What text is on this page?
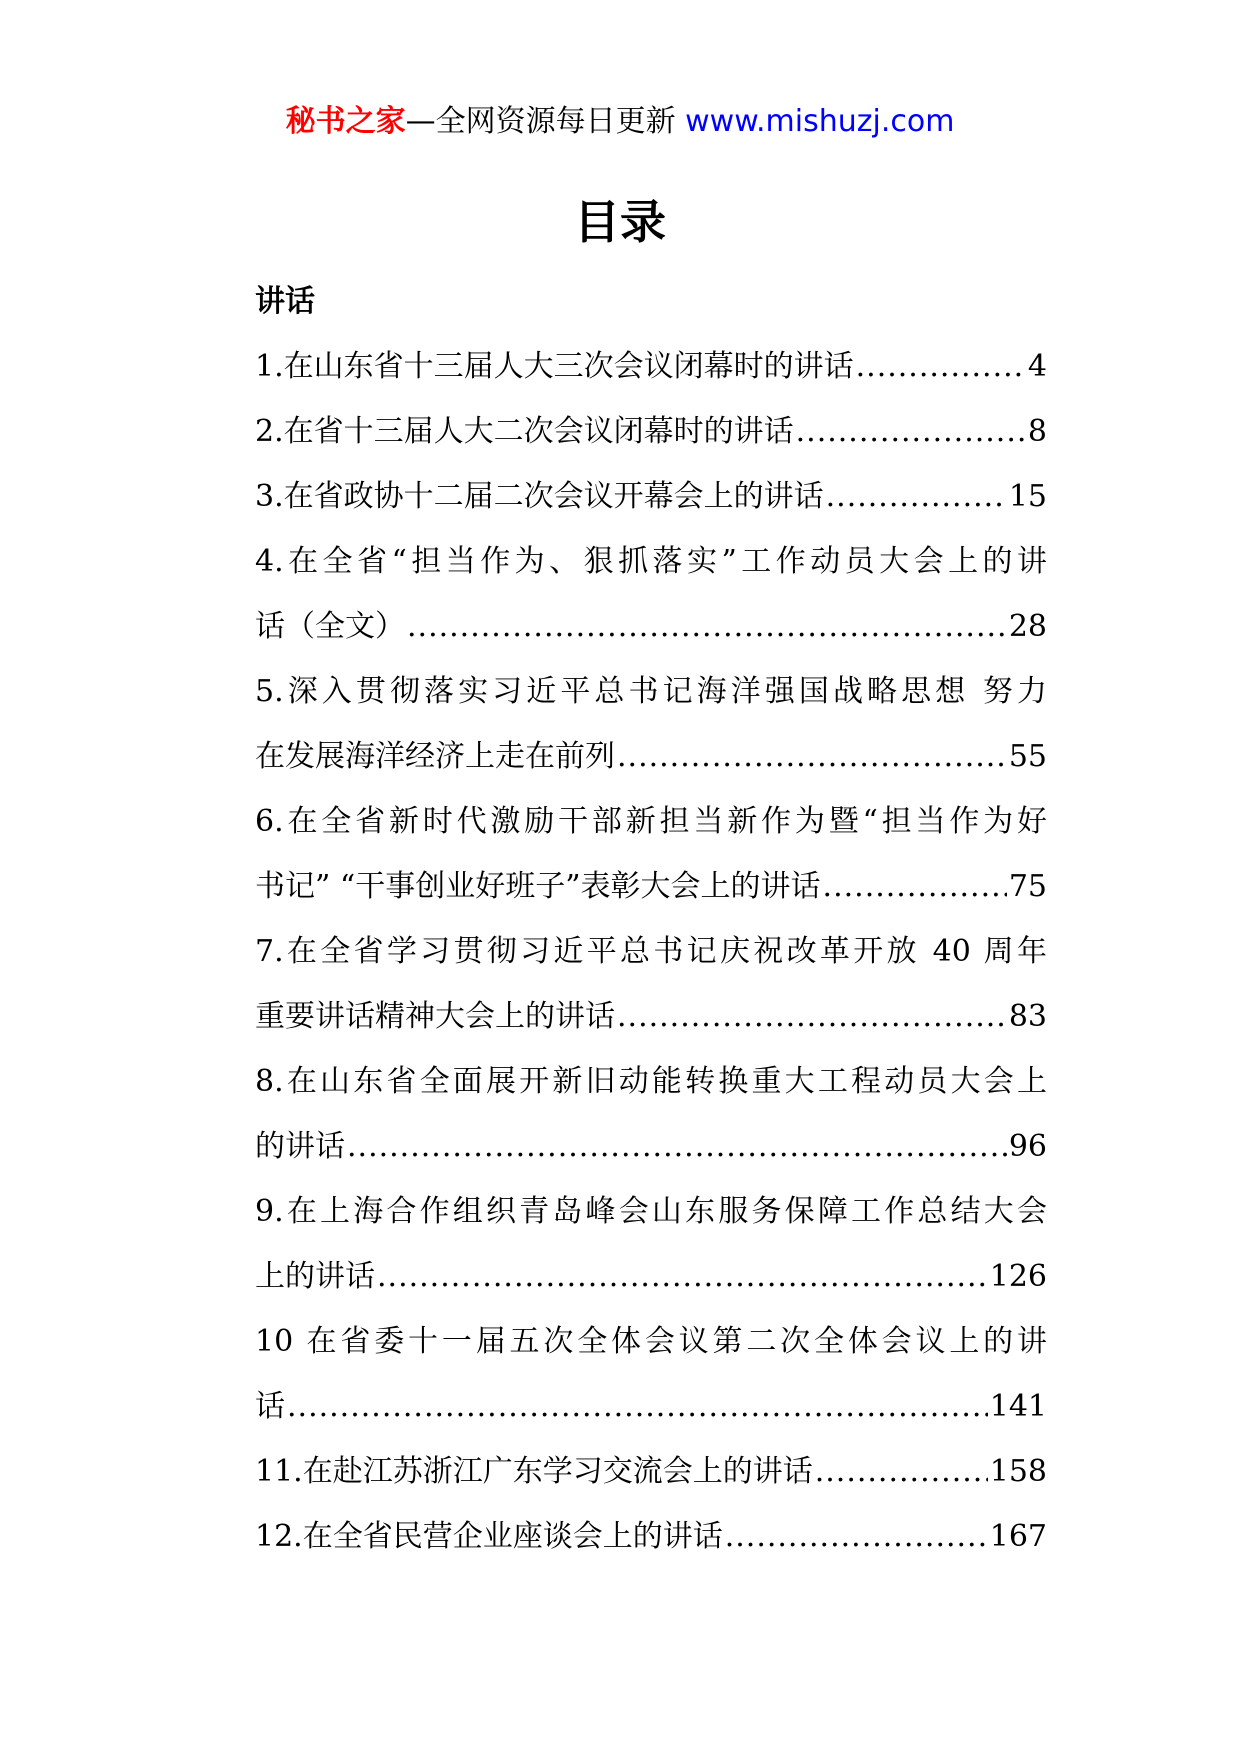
秘书之家—全网资源每日更新 www.mishuzj.com
目录
讲话
1.在山东省十三届人大三次会议闭幕时的讲话 .....	4
2.在省十三届人大二次会议闭幕时的讲话 .....	8
3.在省政协十二届二次会议开幕会上的讲话 .....	15
4.在全省“担当作为、狠抓落实”工作动员大会上的讲
话（全文） .....	28
5.深入贯彻落实习近平总书记海洋强国战略思想 努力
在发展海洋经济上走在前列 .....	55
6.在全省新时代激励干部新担当新作为暨“担当作为好
书记” “干事创业好班子”表彰大会上的讲话 .....	75
7.在全省学习贯彻习近平总书记庆祝改革开放 40 周年
重要讲话精神大会上的讲话 .....	83
8.在山东省全面展开新旧动能转换重大工程动员大会上
的讲话 .....	96
9.在上海合作组织青岛峰会山东服务保障工作总结大会
上的讲话 .....	126
10 在省委十一届五次全体会议第二次全体会议上的讲
话 .....	141
11.在赴江苏浙江广东学习交流会上的讲话 .....	158
12.在全省民营企业座谈会上的讲话 .....	167
